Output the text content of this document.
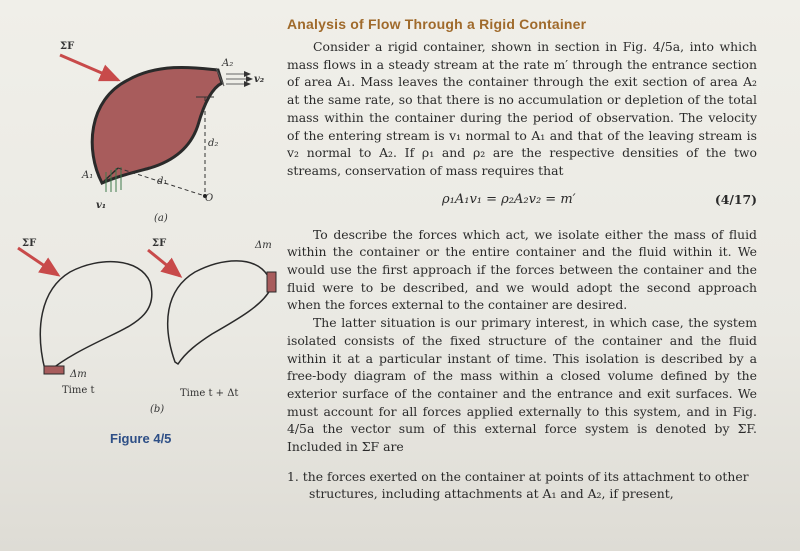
ΣF
A₂
v₂
d₂
d₁
A₁
v₁
O
(a)
ΣF	ΣF	Δm
Δm
Time t	Time t + Δt
(b)
Figure 4/5
Analysis of Flow Through a Rigid Container

Consider a rigid container, shown in section in Fig. 4/5a, into which mass flows in a steady stream at the rate m′ through the entrance section of area A₁. Mass leaves the container through the exit section of area A₂ at the same rate, so that there is no accumulation or depletion of the total mass within the container during the period of observation. The velocity of the entering stream is v₁ normal to A₁ and that of the leaving stream is v₂ normal to A₂. If ρ₁ and ρ₂ are the respective densities of the two streams, conservation of mass requires that

ρ₁A₁v₁ = ρ₂A₂v₂ = m′	(4/17)

To describe the forces which act, we isolate either the mass of fluid within the container or the entire container and the fluid within it. We would use the first approach if the forces between the container and the fluid were to be described, and we would adopt the second approach when the forces external to the container are desired.

The latter situation is our primary interest, in which case, the system isolated consists of the fixed structure of the container and the fluid within it at a particular instant of time. This isolation is described by a free-body diagram of the mass within a closed volume defined by the exterior surface of the container and the entrance and exit surfaces. We must account for all forces applied externally to this system, and in Fig. 4/5a the vector sum of this external force system is denoted by ΣF. Included in ΣF are

1. the forces exerted on the container at points of its attachment to other structures, including attachments at A₁ and A₂, if present,
